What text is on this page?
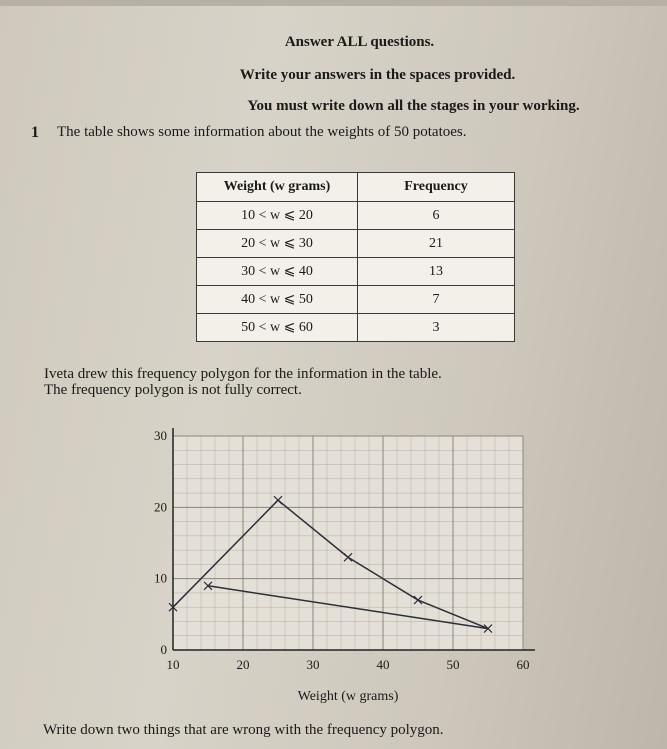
Answer ALL questions.
Write your answers in the spaces provided.
You must write down all the stages in your working.
1 The table shows some information about the weights of 50 potatoes.
Weight (w grams)	Frequency
10 < w ⩽ 20	6
20 < w ⩽ 30	21
30 < w ⩽ 40	13
40 < w ⩽ 50	7
50 < w ⩽ 60	3
Iveta drew this frequency polygon for the information in the table.
The frequency polygon is not fully correct.
10	20	30	40	50	60
0
10
20
30
Weight (w grams)
Write down two things that are wrong with the frequency polygon.
